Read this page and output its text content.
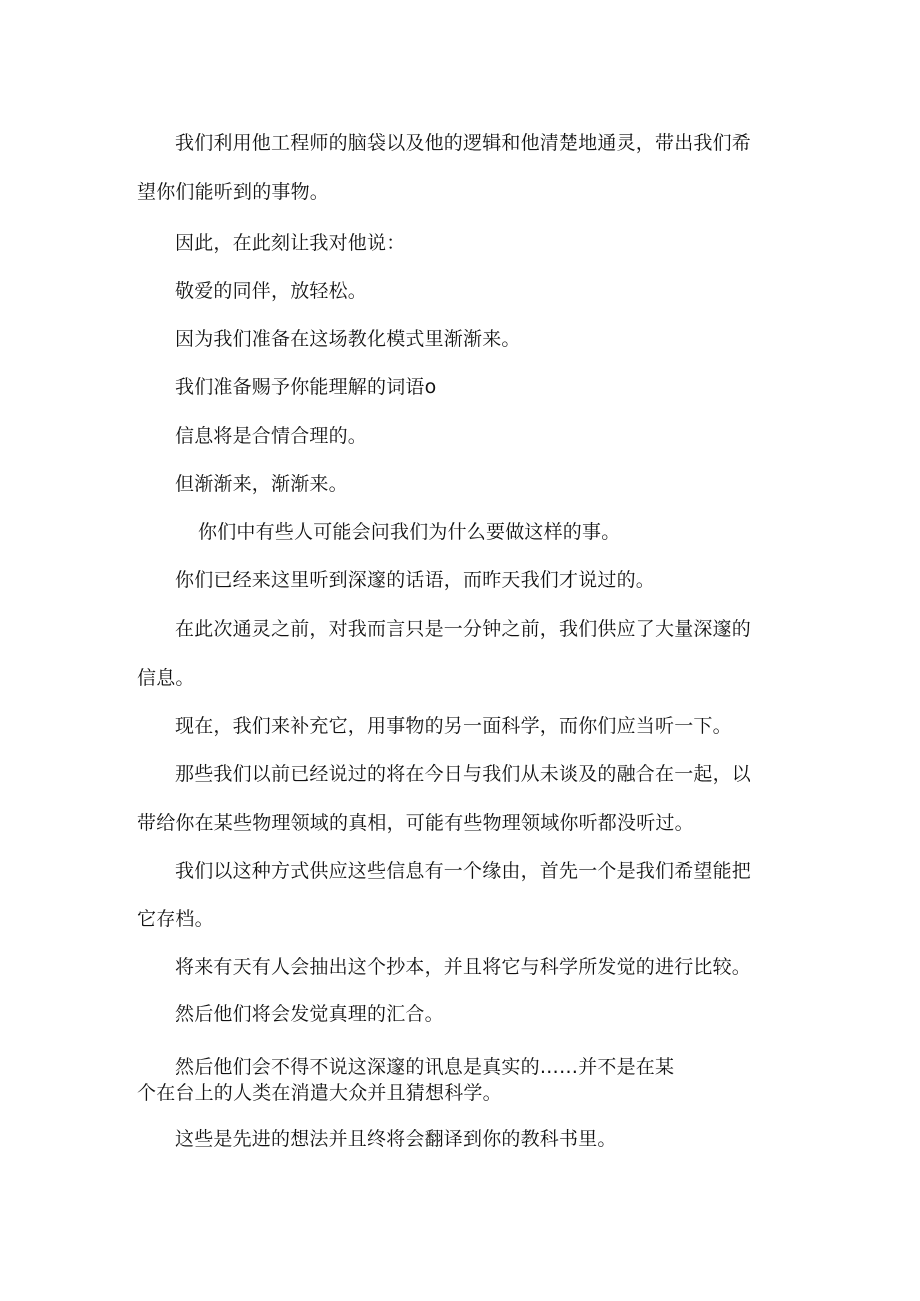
我们利用他工程师的脑袋以及他的逻辑和他清楚地通灵，带出我们希

望你们能听到的事物。

因此，在此刻让我对他说：

敬爱的同伴，放轻松。

因为我们准备在这场教化模式里渐渐来。

我们准备赐予你能理解的词语o

信息将是合情合理的。

但渐渐来，渐渐来。

你们中有些人可能会问我们为什么要做这样的事。

你们已经来这里听到深邃的话语，而昨天我们才说过的。

在此次通灵之前，对我而言只是一分钟之前，我们供应了大量深邃的

信息。

现在，我们来补充它，用事物的另一面科学，而你们应当听一下。

那些我们以前已经说过的将在今日与我们从未谈及的融合在一起，以

带给你在某些物理领域的真相，可能有些物理领域你听都没听过。

我们以这种方式供应这些信息有一个缘由，首先一个是我们希望能把

它存档。

将来有天有人会抽出这个抄本，并且将它与科学所发觉的进行比较。

然后他们将会发觉真理的汇合。

然后他们会不得不说这深邃的讯息是真实的……并不是在某

个在台上的人类在消遣大众并且猜想科学。

这些是先进的想法并且终将会翻译到你的教科书里。
